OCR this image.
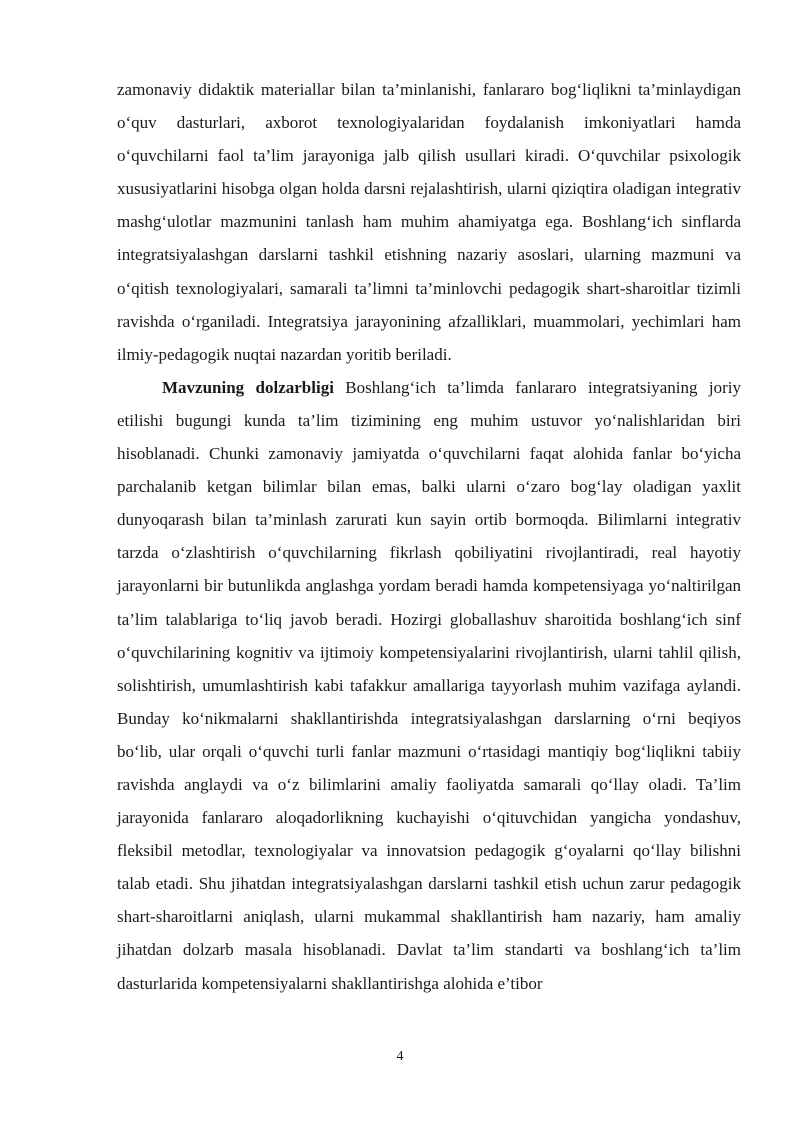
zamonaviy didaktik materiallar bilan ta’minlanishi, fanlararo bog‘liqlikni ta’minlaydigan o‘quv dasturlari, axborot texnologiyalaridan foydalanish imkoniyatlari hamda o‘quvchilarni faol ta’lim jarayoniga jalb qilish usullari kiradi. O‘quvchilar psixologik xususiyatlarini hisobga olgan holda darsni rejalashtirish, ularni qiziqtira oladigan integrativ mashg‘ulotlar mazmunini tanlash ham muhim ahamiyatga ega. Boshlang‘ich sinflarda integratsiyalashgan darslarni tashkil etishning nazariy asoslari, ularning mazmuni va o‘qitish texnologiyalari, samarali ta’limni ta’minlovchi pedagogik shart-sharoitlar tizimli ravishda o‘rganiladi. Integratsiya jarayonining afzalliklari, muammolari, yechimlari ham ilmiy-pedagogik nuqtai nazardan yoritib beriladi.

Mavzuning dolzarbligi Boshlang‘ich ta’limda fanlararo integratsiyaning joriy etilishi bugungi kunda ta’lim tizimining eng muhim ustuvor yo‘nalishlaridan biri hisoblanadi. Chunki zamonaviy jamiyatda o‘quvchilarni faqat alohida fanlar bo‘yicha parchalanib ketgan bilimlar bilan emas, balki ularni o‘zaro bog‘lay oladigan yaxlit dunyoqarash bilan ta’minlash zarurati kun sayin ortib bormoqda. Bilimlarni integrativ tarzda o‘zlashtirish o‘quvchilarning fikrlash qobiliyatini rivojlantiradi, real hayotiy jarayonlarni bir butunlikda anglashga yordam beradi hamda kompetensiyaga yo‘naltirilgan ta’lim talablariga to‘liq javob beradi. Hozirgi globallashuv sharoitida boshlang‘ich sinf o‘quvchilarining kognitiv va ijtimoiy kompetensiyalarini rivojlantirish, ularni tahlil qilish, solishtirish, umumlashtirish kabi tafakkur amallariga tayyorlash muhim vazifaga aylandi. Bunday ko‘nikmalarni shakllantirishda integratsiyalashgan darslarning o‘rni beqiyos bo‘lib, ular orqali o‘quvchi turli fanlar mazmuni o‘rtasidagi mantiqiy bog‘liqlikni tabiiy ravishda anglaydi va o‘z bilimlarini amaliy faoliyatda samarali qo‘llay oladi. Ta’lim jarayonida fanlararo aloqadorlikning kuchayishi o‘qituvchidan yangicha yondashuv, fleksibil metodlar, texnologiyalar va innovatsion pedagogik g‘oyalarni qo‘llay bilishni talab etadi. Shu jihatdan integratsiyalashgan darslarni tashkil etish uchun zarur pedagogik shart-sharoitlarni aniqlash, ularni mukammal shakllantirish ham nazariy, ham amaliy jihatdan dolzarb masala hisoblanadi. Davlat ta’lim standarti va boshlang‘ich ta’lim dasturlarida kompetensiyalarni shakllantirishga alohida e’tibor

4
